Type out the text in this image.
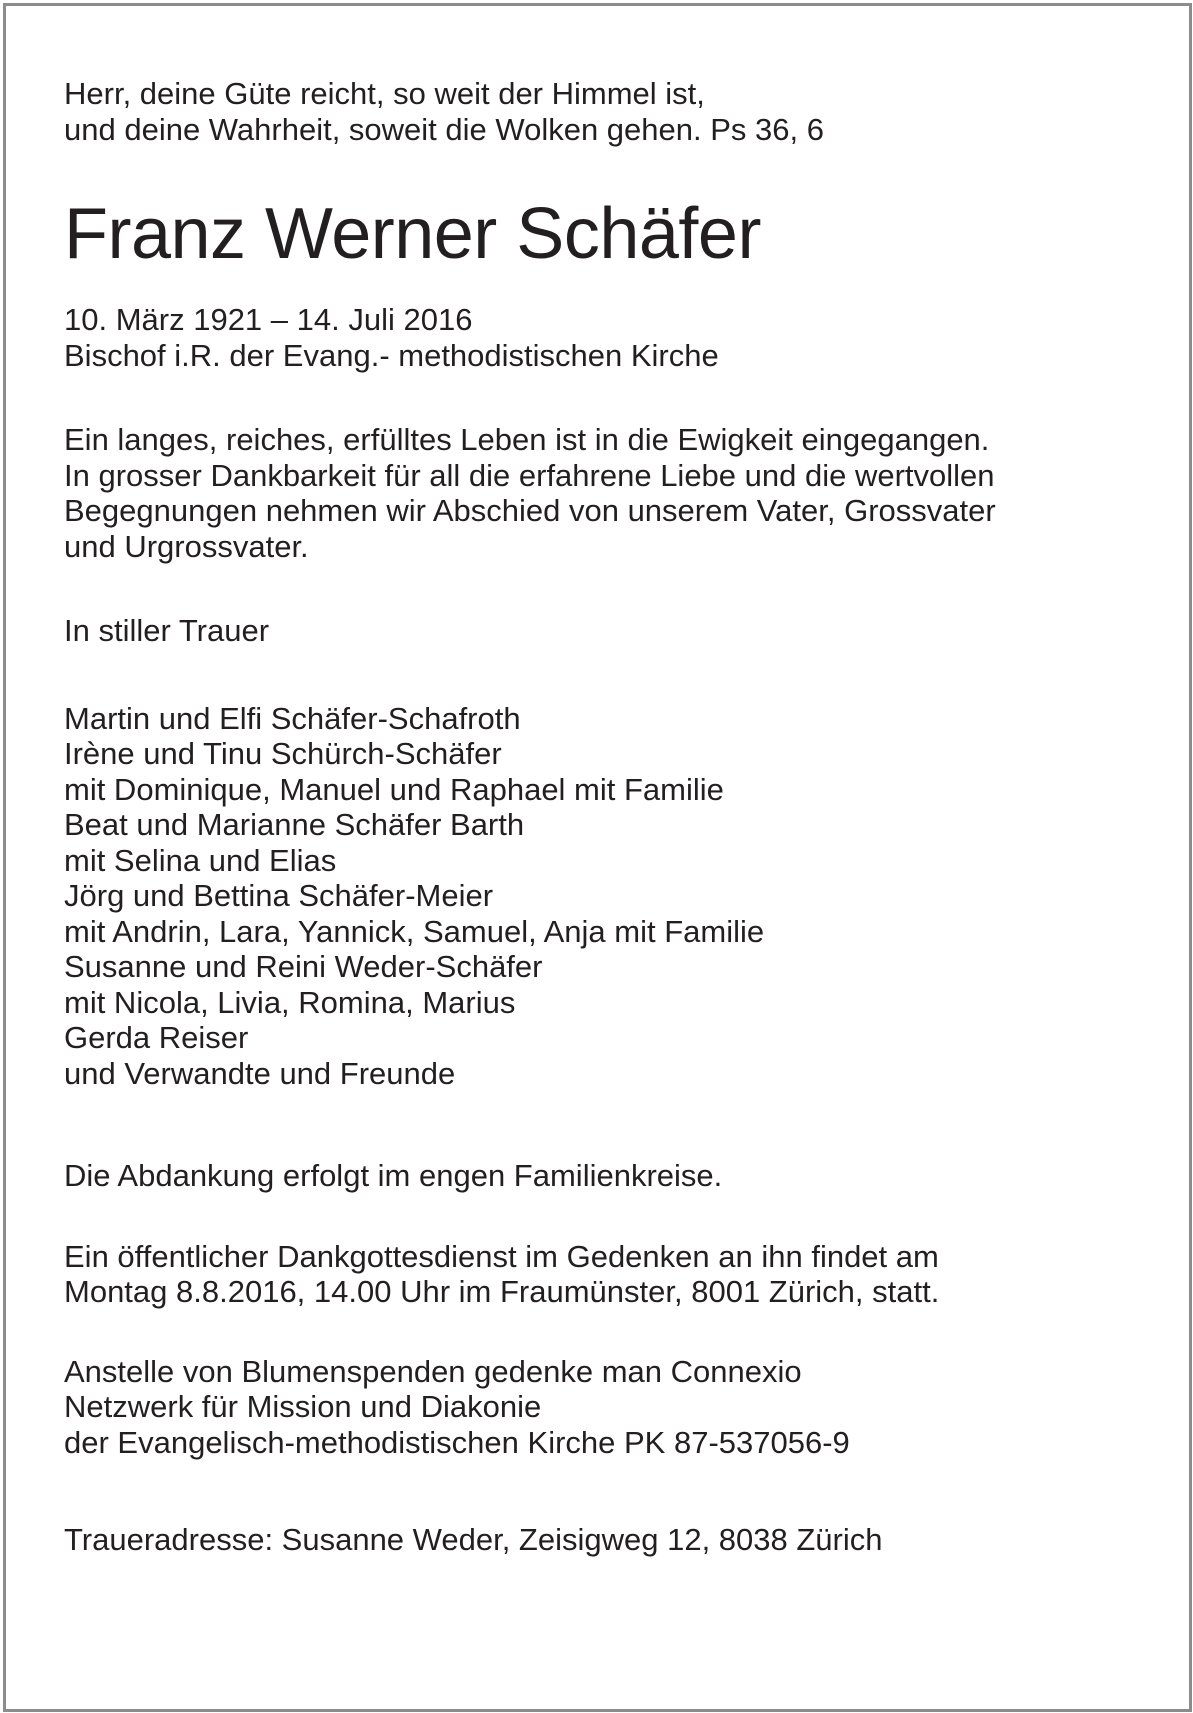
Herr, deine Güte reicht, so weit der Himmel ist,
und deine Wahrheit, soweit die Wolken gehen. Ps 36, 6
Franz Werner Schäfer
10. März 1921 – 14. Juli 2016
Bischof i.R. der Evang.- methodistischen Kirche
Ein langes, reiches, erfülltes Leben ist in die Ewigkeit eingegangen.
In grosser Dankbarkeit für all die erfahrene Liebe und die wertvollen
Begegnungen nehmen wir Abschied von unserem Vater, Grossvater
und Urgrossvater.
In stiller Trauer
Martin und Elfi Schäfer-Schafroth
Irène und Tinu Schürch-Schäfer
mit Dominique, Manuel und Raphael mit Familie
Beat und Marianne Schäfer Barth
mit Selina und Elias
Jörg und Bettina Schäfer-Meier
mit Andrin, Lara, Yannick, Samuel, Anja mit Familie
Susanne und Reini Weder-Schäfer
mit Nicola, Livia, Romina, Marius
Gerda Reiser
und Verwandte und Freunde
Die Abdankung erfolgt im engen Familienkreise.
Ein öffentlicher Dankgottesdienst im Gedenken an ihn findet am
Montag 8.8.2016, 14.00 Uhr im Fraumünster, 8001 Zürich, statt.
Anstelle von Blumenspenden gedenke man Connexio
Netzwerk für Mission und Diakonie
der Evangelisch-methodistischen Kirche PK 87-537056-9
Traueradresse: Susanne Weder, Zeisigweg 12, 8038 Zürich
